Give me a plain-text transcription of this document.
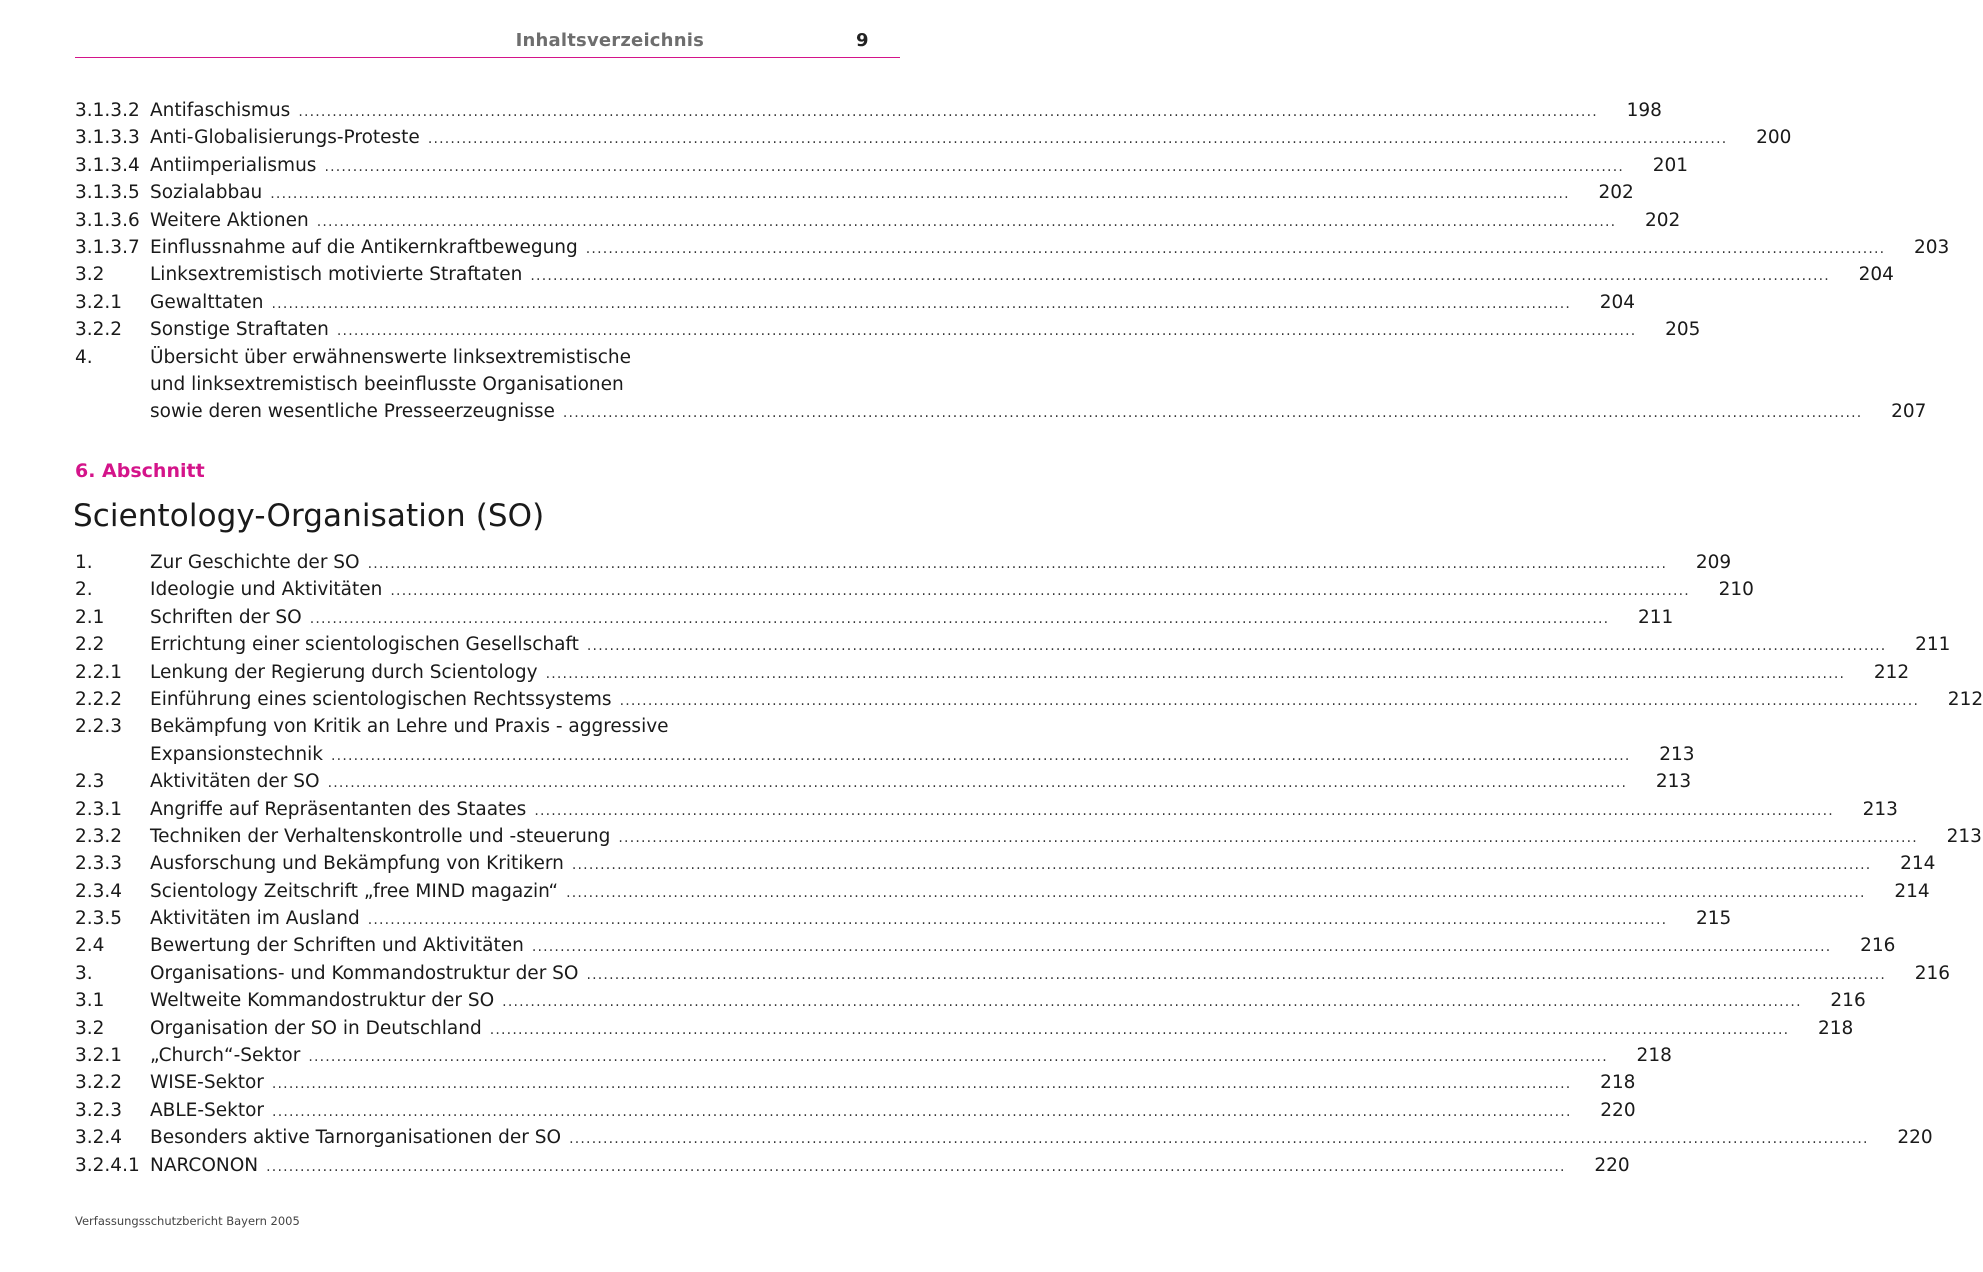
Inhaltsverzeichnis	9
3.1.3.2 Antifaschismus .....	198
3.1.3.3 Anti-Globalisierungs-Proteste .....	200
3.1.3.4 Antiimperialismus .....	201
3.1.3.5 Sozialabbau .....	202
3.1.3.6 Weitere Aktionen .....	202
3.1.3.7 Einflussnahme auf die Antikernkraftbewegung .....	203
3.2	Linksextremistisch motivierte Straftaten .....	204
3.2.1	Gewalttaten .....	204
3.2.2	Sonstige Straftaten .....	205
4.	Übersicht über erwähnenswerte linksextremistische
und linksextremistisch beeinflusste Organisationen
sowie deren wesentliche Presseerzeugnisse .....	207
6. Abschnitt
Scientology-Organisation (SO)
1.	Zur Geschichte der SO .....	209
2.	Ideologie und Aktivitäten .....	210
2.1	Schriften der SO .....	211
2.2	Errichtung einer scientologischen Gesellschaft .....	211
2.2.1	Lenkung der Regierung durch Scientology .....	212
2.2.2	Einführung eines scientologischen Rechtssystems .....	212
2.2.3	Bekämpfung von Kritik an Lehre und Praxis - aggressive
Expansionstechnik .....	213
2.3	Aktivitäten der SO .....	213
2.3.1	Angriffe auf Repräsentanten des Staates .....	213
2.3.2	Techniken der Verhaltenskontrolle und -steuerung .....	213
2.3.3	Ausforschung und Bekämpfung von Kritikern .....	214
2.3.4	Scientology Zeitschrift „free MIND magazin“ .....	214
2.3.5	Aktivitäten im Ausland .....	215
2.4	Bewertung der Schriften und Aktivitäten .....	216
3.	Organisations- und Kommandostruktur der SO .....	216
3.1	Weltweite Kommandostruktur der SO .....	216
3.2	Organisation der SO in Deutschland .....	218
3.2.1	„Church“-Sektor .....	218
3.2.2	WISE-Sektor .....	218
3.2.3	ABLE-Sektor .....	220
3.2.4	Besonders aktive Tarnorganisationen der SO .....	220
3.2.4.1 NARCONON .....	220
Verfassungsschutzbericht Bayern 2005
